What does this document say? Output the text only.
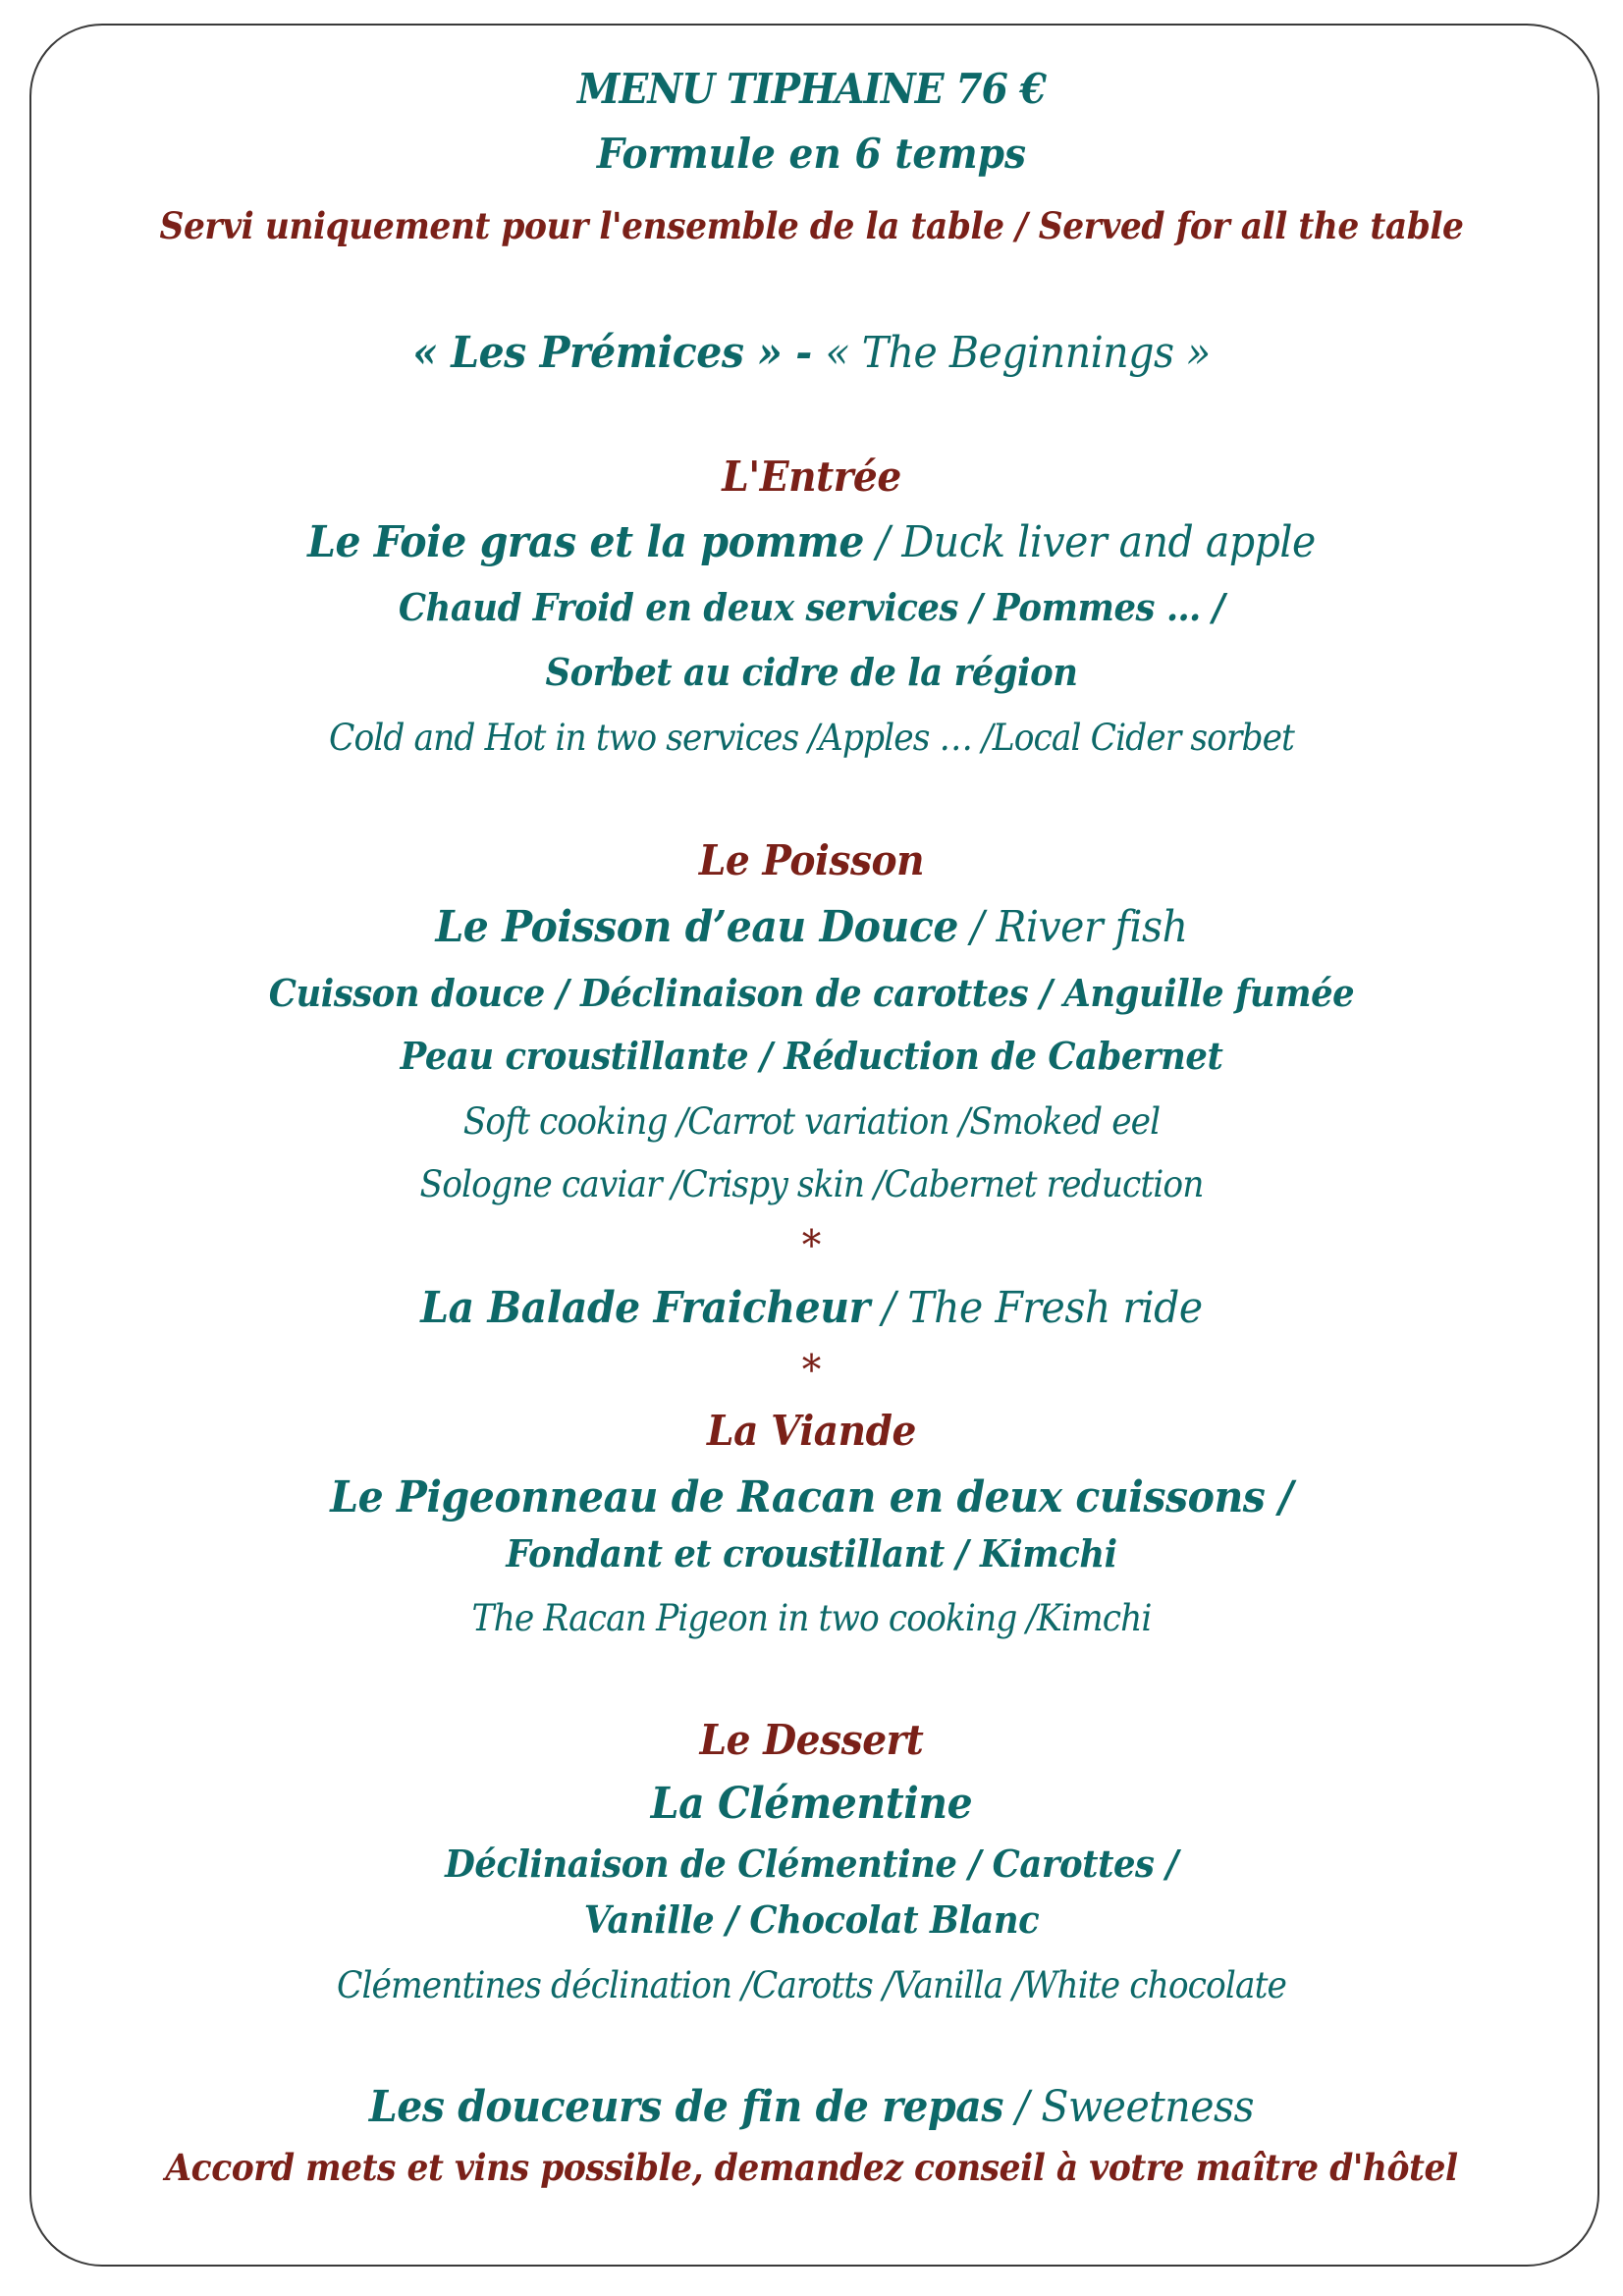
MENU TIPHAINE 76 €
Formule en 6 temps
Servi uniquement pour l'ensemble de la table / Served for all the table
« Les Prémices » - « The Beginnings »
L'Entrée
Le Foie gras et la pomme / Duck liver and apple
Chaud Froid en deux services / Pommes … /
Sorbet au cidre de la région
Cold and Hot in two services /Apples … /Local Cider sorbet
Le Poisson
Le Poisson d’eau Douce / River fish
Cuisson douce / Déclinaison de carottes / Anguille fumée
Peau croustillante / Réduction de Cabernet
Soft cooking /Carrot variation /Smoked eel
Sologne caviar /Crispy skin /Cabernet reduction
*
La Balade Fraicheur / The Fresh ride
*
La Viande
Le Pigeonneau de Racan en deux cuissons /
Fondant et croustillant / Kimchi
The Racan Pigeon in two cooking /Kimchi
Le Dessert
La Clémentine
Déclinaison de Clémentine / Carottes /
Vanille / Chocolat Blanc
Clémentines déclination /Carotts /Vanilla /White chocolate
Les douceurs de fin de repas / Sweetness
Accord mets et vins possible, demandez conseil à votre maître d'hôtel
